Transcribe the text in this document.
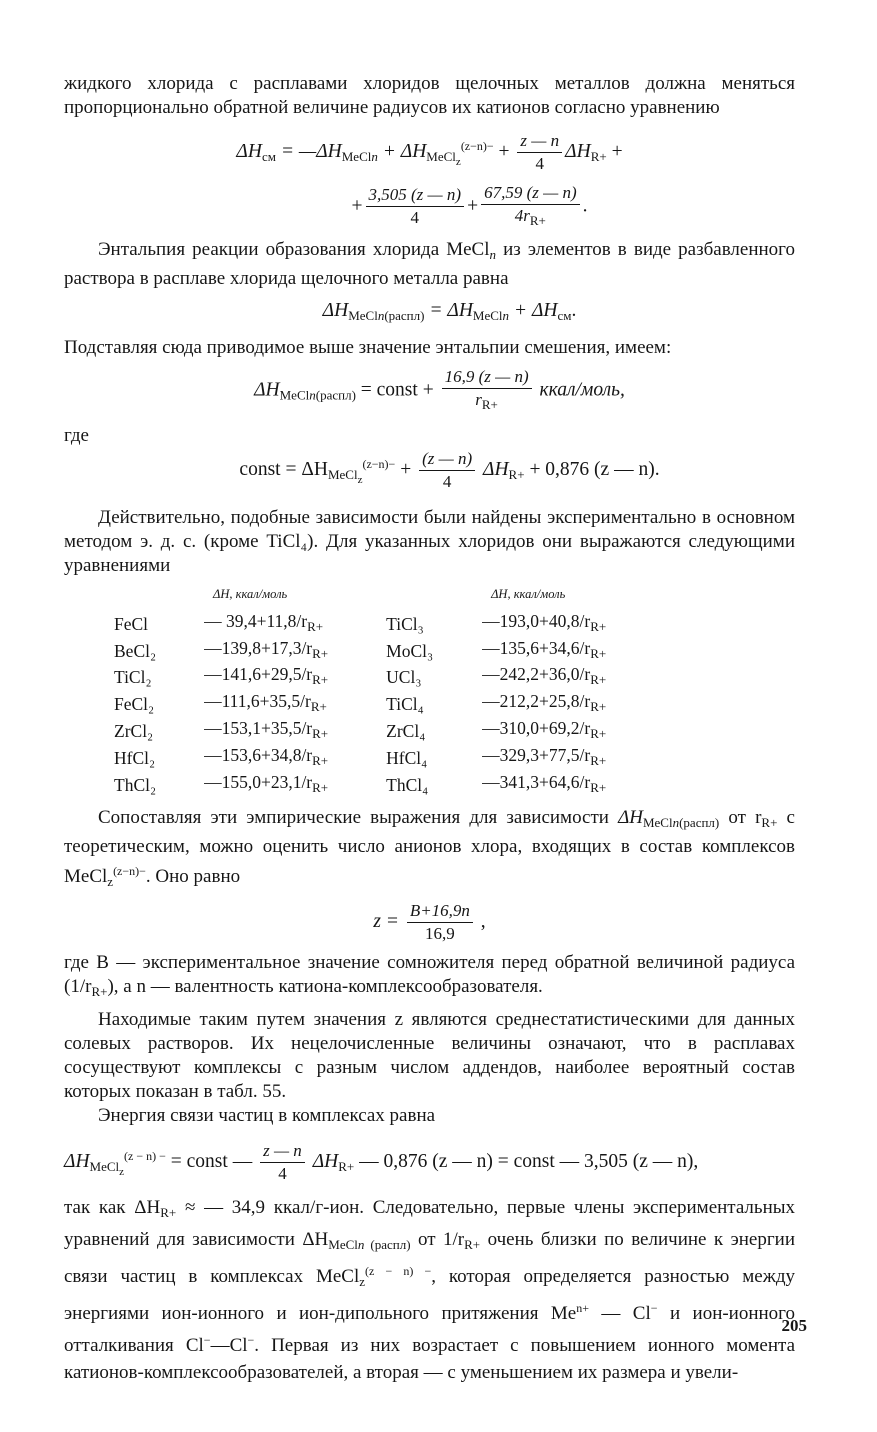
жидкого хлорида с расплавами хлоридов щелочных металлов должна меняться пропорционально обратной величине радиусов их катионов согласно уравнению

$\Delta H_{см}$ = $—\Delta H_{MeCln} + \Delta H_{MeCl_z}^{(z-n)-} + \frac{z — n}{4} \Delta H_{R+}$ +
+ $\frac{3,505 (z — n)}{4} + \frac{67,59 (z — n)}{4r_{R+}}$ .

Энтальпия реакции образования хлорида MeCl$_n$ из элементов в виде разбавленного раствора в расплаве хлорида щелочного металла равна

$\Delta H_{MeCln(распл)} = \Delta H_{MeCln} + \Delta H_{см}$.

Подставляя сюда приводимое выше значение энтальпии смешения, имеем:

$\Delta H_{MeCln(распл)}$ = const + $\frac{16,9 (z — n)}{r_{R+}}$ ккал/моль,

где

const = $\Delta H_{MeCl_z}^{(z-n)-} + \frac{(z — n)}{4} \Delta H_{R+} + 0,876$ (z — n).

Действительно, подобные зависимости были найдены экспериментально в основном методом э. д. с. (кроме TiCl₄). Для указанных хлоридов они выражаются следующими уравнениями

	ΔH, ккал/моль		ΔH, ккал/моль
FeCl	— $39,4+11,8/r_{R+}$	TiCl₃	$—193,0+40,8/r_{R+}$
BeCl₂	$—139,8+17,3/r_{R+}$	MoCl₃	$—135,6+34,6/r_{R+}$
TiCl₂	$—141,6+29,5/r_{R+}$	UCl₃	$—242,2+36,0/r_{R+}$
FeCl₂	$—111,6+35,5/r_{R+}$	TiCl₄	$—212,2+25,8/r_{R+}$
ZrCl₂	$—153,1+35,5/r_{R+}$	ZrCl₄	$—310,0+69,2/r_{R+}$
HfCl₂	$—153,6+34,8/r_{R+}$	HfCl₄	$—329,3+77,5/r_{R+}$
ThCl₂	$—155,0+23,1/r_{R+}$	ThCl₄	$—341,3+64,6/r_{R+}$

Сопоставляя эти эмпирические выражения для зависимости $\Delta H_{MeCln(распл)}$ от $r_{R+}$ с теоретическим, можно оценить число анионов хлора, входящих в состав комплексов MeCl$_z^{(z-n)-}$. Оно равно

$z = \frac{B+16,9n}{16,9}$ ,

где B — экспериментальное значение сомножителя перед обратной величиной радиуса $(1/r_{R+})$, а n — валентность катиона-комплексообразователя.

Находимые таким путем значения z являются среднестатистическими для данных солевых растворов. Их нецелочисленные величины означают, что в расплавах сосуществуют комплексы с разным числом аддендов, наиболее вероятный состав которых показан в табл. 55.

Энергия связи частиц в комплексах равна

$\Delta H_{MeCl_z}^{(z - n) -}$ = const — $\frac{z — n}{4} \Delta H_{R+}$ — 0,876 (z — n) = const — 3,505 (z — n),

так как $\Delta H_{R+}$ ≈ — 34,9 ккал/г-ион. Следовательно, первые члены экспериментальных уравнений для зависимости $\Delta H_{MeCln (распл)}$ от $1/r_{R+}$ очень близки по величине к энергии связи частиц в комплексах MeCl$_z^{(z - n) -}$, которая определяется разностью между энергиями ион-ионного и ион-дипольного притяжения $Me^{n+}$ — Cl− и ион-ионного отталкивания Cl−—Cl−. Первая из них возрастает с повышением ионного момента катионов-комплексообразователей, а вторая — с уменьшением их размера и увели-

205
